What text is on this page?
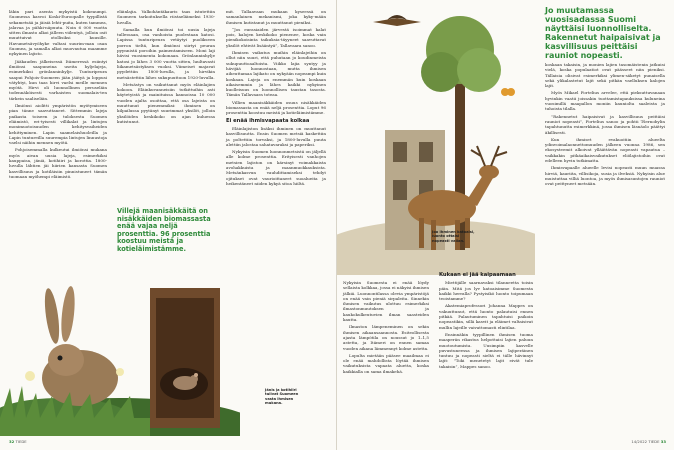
läkin pari asenta mykyistä kokeaumpi. Suomessa kasvoi Koski-Euroopalle tyypillistä sekametsää ja jäisiä lehti-puita, kuten tammea, jalavaa ja pähki-näpuuta. Noin 6 000 vuotta sitten ilmasto alkoi jälleen viilentyä, jolloin osit muuttuivat otollisiksi kuusille. Havumetsävyöhyke valtasi suurim-man osan Suomea, ja samalla alkoi muovautua maamme nykyinen lajisto.

Jääkauden jälkeisessä Itämeressä esiintyi ilmiönsi saapuneina useita hyljelajeja, esimerkiksi grönlanninhylje. Tunturipeura saapui Pohjois-Suomeen jään jäätyä ja loppusi vätyhtyi, kun taas hirvi vaelsi meille mennen myötä. Hirvi oli luonnollinen peruseläin todennäköisesti varhaisten suomalais-ten tärkein saaliseläin.

Ilmiönsi aiolitti ympäristön myötymiseen pian tänne saavuttaneet. Sittemmin lajeja paikasta toiseen ja tuloksesta Suomen eläimistö, eri-tyisesti villikalat ja lintujen monimuotoisuuden kehitysvaiheiden kehittyminen. Lapin saamelaishuoleilla ja Lapin tuntureilla suurempia lintujen linnustoja vaelsi näihin mennen myötä.

Pohjoisemmalla kulkeutui ilmiönsi mukana myös aivan uusia lajeja, esimerkiksi kauppaisa, jäniä, kotihiiri ja korottia. 1800-luvulla lähtien jäi hiirien kansasta Suomen kasvillisuus ja kotiläisiin pinnistuneet tämän tuomaan myöhempi eläimistö.

eläinlajia. Valkohäntäkauris taas istutettiin Suomeen tarkoituksella riistaeläimeksi 1930-luvulla.

Samalla kun ilmiönsi toi uusia lajeja tullessaan, osa vanhoista puolestaan katosi. Lapissa tunturipeura vetäytyi puolikseen porron tieltä, kun ilmiönsi siirtyi peuran pyynnistä poroihin paimentamiseen. Moni laji hävisi vuosimenta kokonaan. Grönlanninhylje katosi jo lähes 3 000 vuotta sitten, luultavasti liikametsästyksen vuoksi. Viimeiset majavat pyydettiin 1800-luvulla, ja hirvikin metsästettiin lähes sukupuuttoon 1920-luvulla.

Metsästys on vaikuttanut myös eläinlajien kokoon. Eläinkuvanneisiin tutkittuihin asti käytetyistä ja mainituissa kannoissa 10 000 vuoden ajalta osoittaa, että osa lajeista on muuttunut pienemmiksi: ihminen on kilpailussa pyytänyt suurimmat yksilöt, jolloin yksilöiden keskikoko on ajan kuluessa kutistunut.

Villejä maanisäkkäitä on nisäkkäiden biomassasta enää vajaa neljä prosenttia. 96 prosenttia koostuu meistä ja kotieläimistämme.

mit. Tallaavaan mukaan kyseessä on samanlainen mekanismi, joka kyky-mään ihmisen kutistanut ja muuttanut pieniksi.

“Jos eurasiaiden järvestä isoimmat kalat pois, kalojen keskikoko pienenee, koska vain pienikokoisinta taikuksia-täyyneet saavuttavat yksilöt ehtivät lisääntyä”, Tallavaara sanoo.

Ihmisen vaikutus muihin eläinlajeihin on ollut niin suuri, että puhutaan jo koudinmeista sukupuuttoaaltoista. Viikko lajia syntyy ja hävijää luonnostaan, mutta ihmisen aiheuttamaa lajikato on nykyään nopeampi kuin koskaan. Lajeja on enemmän kuin koskaan aikaisemmin ja lähes kaikki nykyinen kuolleisuus on luonnollisen taustan tasosta. Tämän Tallavaara toteaa.

Villien maanisäkkäiden osuus nisäkkäiden biomassasta on enää neljä prosenttia. Loput 96 prosenttia koostuu meistä ja kotieläimistämme.

Ei enää ihmisvapaata kolkaa

Eläinlajiston lisäksi ihminen on muuttanut kasvillisuutta. Ensin Suomen metsiä kaskettiin ja poltettiin torvaksi, ja 1800-luvulla puuta alettiin jalostaa sahatavaraksi ja paperiksi.

Nykyisin Suomen luonnonmetsistä on jäljellä alle kolme prosenttia. Erityisesti vanhojen metsien lajiston on kärsinyt voimakkaista avohakkuista ja maanmuokkauksista. Metsänkasvun vauhdittamiseksi tehdyt ojitukset ovat vaurioittaneet suoalueita ja heikentäneet niiden kykyä sitoa hiiltä.

Jänis ja kotihiiri tulivat Suomeen vasta ihmisen mukana.
32 TIEDE
Joo ihminen katoaisi, luonto ottaisi nopeasti vallan.

Nykyisin Suomesta ei enää löydy sellaista kolkkaa, jossa ei näkyisi ihmisen jälkiä. Luonnontilassa olevia ympäristöjä on enää vain pieniä sirpaleita. Sinnekin ihmisen vaikutus ulottuu esimerkiksi ilmastonmuutoksen ja kaukokulkeutuvien ilman saasteiden kautta.

Ilmaston lämpeneminen on sekin ihmisen aikaansaannosta. Esiteollisesta ajasta lämpötila on noussut jo 1–1,5 astetta, ja Itämeri on ennen samaa vuoden aikana lämmennyt kolme astetta.

Lopulta mietään pääsee maailmaa ei ole enää mahdollista löytää ihmisen vaikutuksista vapaata aluetta, koska kaikkialla on sama ilmakehä.

Kukaan ei jää kaipaamaan

Miettijälle saarnavaksi tilanneetta toisin päin. Mitä jos lyv katoaisimme Suomesta kaikki herralla? Pystyisikö luonto toipumaan teoistamme?

Akatemiaprofessori Johanna Mappes on vakuuttunut, että luonto palautuisi ennen pitkää. Palautuminen tapahtuisi paikoin nopeastikin, sillä kasvit ja eläimet valtaisivat mullin lajeille vaivattomasti elintilaa.

Ensinnäkin tyypillinen ihmisen tuoma maaperän rikastus helpottaisi lajien paluun muotoutumista. Uusimpiin kasvelle puvustuneessa ja ihmisen lajiperäinen tuntuu ja nopeasti sieltä ei tälle hävinnyt lajit: ”Toki menetetyt lajit eivät tule takaisin”, Mappes sanoo.

Jo muutamassa vuosisadassa Suomi näyttäisi luonnolliselta. Rakennetut haipaisivat ja kasvillisuus peittäisi rauniot nopeasti.

koskaan takaisin, ja monien lajien tasomäistenin jatkuisi vielä, koska populaatiot ovat päässeet niin pieniksi. Tällaisia olisivat esimerkiksi ylimen-säketyt punaisella sekä ylikalastetut lajit sekä pitkän vaelluksen kalojen lajit.

Myös Mikael Fortelius arvelee, että pieksuttuvanaan hyvinkin vaatii joissakin tuottamistapauksissa kuluneina vuosimillä maapallon moniin kauniolta saaleista ja tuhoista tilalla.

”Rakennetut haipaisivat ja kasvillisuus peittäisi rauniot nopeasti”, Fortelius sanoo ja pohtii Tšernobylin tapahtunutta esimerkkinä, jossa ihmisen läsnäolo päättyi äkillisesti.

Kun ihmiset evakuoitiin alueelta ydinvoimalaonnettomuuden jälkeen vuonna 1986, sen ekosysteemit alkoivat ylläättävän nopeasti vapautua – vaikkakin pitkäaikaisvaikutukset eliölajistoihin ovat edelleen hyvin tutkimatta.

Ihmisvapaalle alueelle levisi nopeasti muun muassa hirviä, kauriita, villisikoja, susia ja ilveksiä. Nykyisin alue muistuttaa villiä luontoa, ja myös ihmisasuntojen rauniot ovat peittyneet metsään.

14/2022 TIEDE 33
